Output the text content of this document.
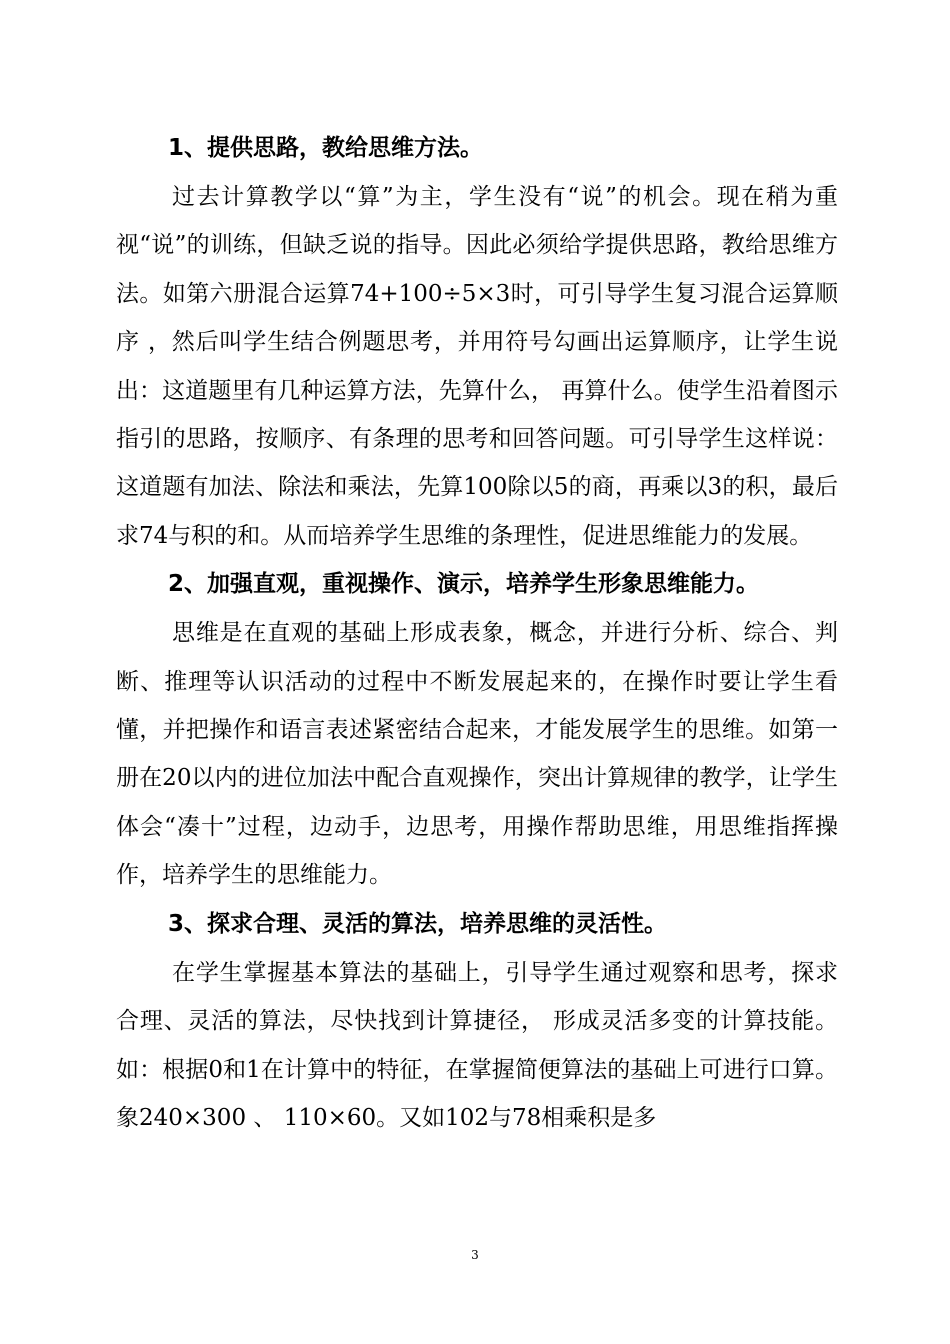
1、提供思路，教给思维方法。

过去计算教学以“算”为主，学生没有“说”的机会。现在稍为重视“说”的训练，但缺乏说的指导。因此必须给学提供思路，教给思维方法。如第六册混合运算74+100÷5×3时，可引导学生复习混合运算顺序 ，然后叫学生结合例题思考，并用符号勾画出运算顺序，让学生说出：这道题里有几种运算方法，先算什么， 再算什么。使学生沿着图示指引的思路，按顺序、有条理的思考和回答问题。可引导学生这样说：这道题有加法、除法和乘法，先算100除以5的商，再乘以3的积，最后求74与积的和。从而培养学生思维的条理性，促进思维能力的发展。

2、加强直观，重视操作、演示，培养学生形象思维能力。

思维是在直观的基础上形成表象，概念，并进行分析、综合、判断、推理等认识活动的过程中不断发展起来的，在操作时要让学生看懂，并把操作和语言表述紧密结合起来，才能发展学生的思维。如第一册在20以内的进位加法中配合直观操作，突出计算规律的教学，让学生体会“凑十”过程，边动手，边思考，用操作帮助思维，用思维指挥操作，培养学生的思维能力。

3、探求合理、灵活的算法，培养思维的灵活性。

在学生掌握基本算法的基础上，引导学生通过观察和思考，探求合理、灵活的算法，尽快找到计算捷径， 形成灵活多变的计算技能。如：根据0和1在计算中的特征，在掌握简便算法的基础上可进行口算。象240×300 、 110×60。又如102与78相乘积是多

3
